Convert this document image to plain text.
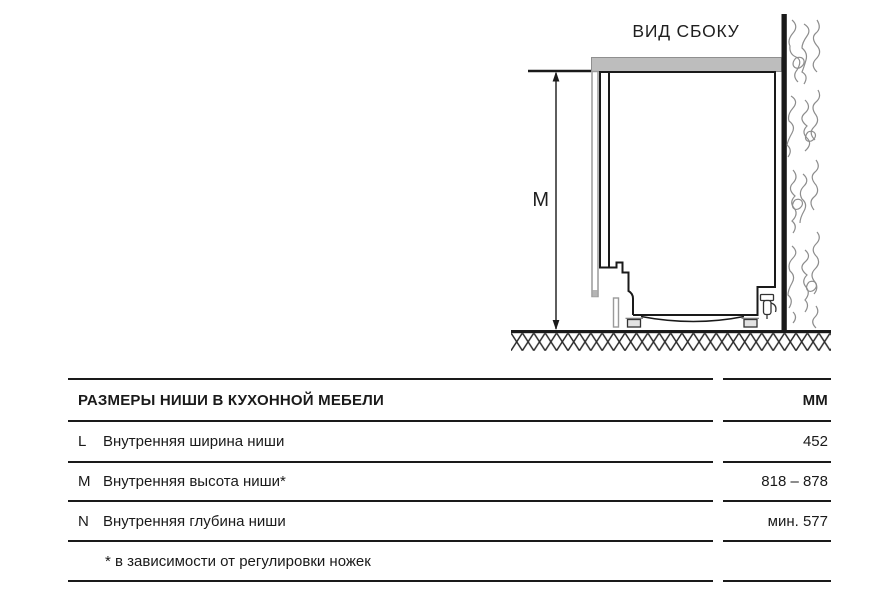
ВИД СБОКУ
M
РАЗМЕРЫ НИШИ В КУХОННОЙ МЕБЕЛИ	ММ
L	Внутренняя ширина ниши	452
M Внутренняя высота ниши*	818 – 878
N Внутренняя глубина ниши	мин. 577
* в зависимости от регулировки ножек
